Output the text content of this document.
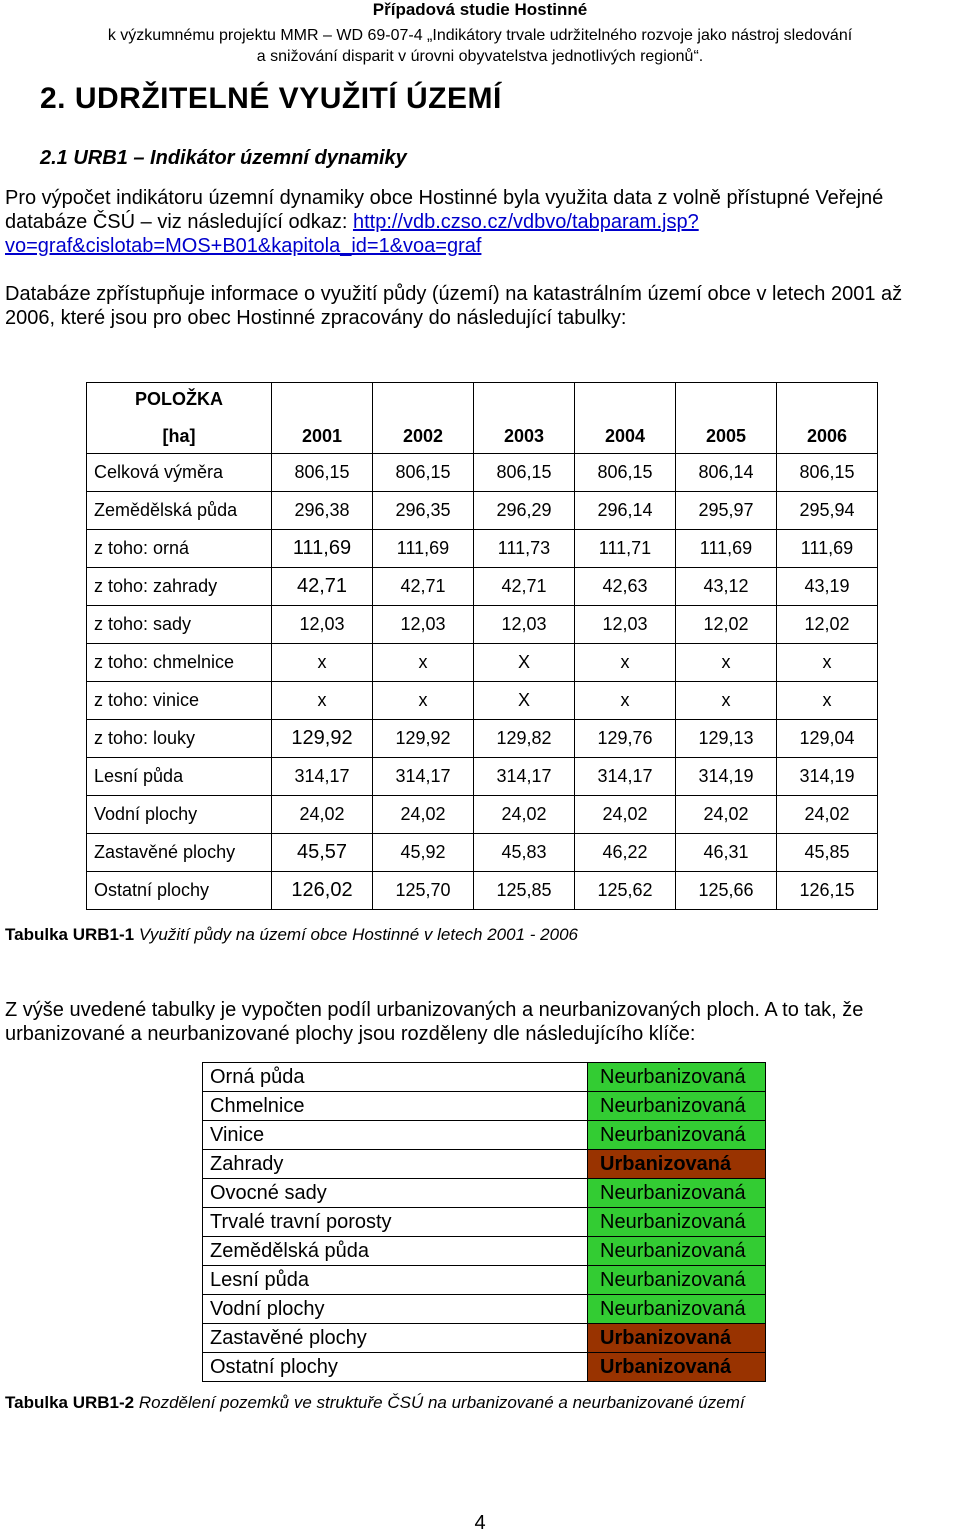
Případová studie Hostinné
k výzkumnému projektu MMR – WD 69-07-4 „Indikátory trvale udržitelného rozvoje jako nástroj sledování
a snižování disparit v úrovni obyvatelstva jednotlivých regionů“.
2. UDRŽITELNÉ VYUŽITÍ ÚZEMÍ
2.1 URB1 – Indikátor územní dynamiky
Pro výpočet indikátoru územní dynamiky obce Hostinné byla využita data z volně přístupné Veřejné databáze ČSÚ – viz následující odkaz: http://vdb.czso.cz/vdbvo/tabparam.jsp?vo=graf&cislotab=MOS+B01&kapitola_id=1&voa=graf
Databáze zpřístupňuje informace o využití půdy (území) na katastrálním území obce v letech 2001 až 2006, které jsou pro obec Hostinné zpracovány do následující tabulky:
POLOŽKA
[ha]	2001	2002	2003	2004	2005	2006
Celková výměra	806,15	806,15	806,15	806,15	806,14	806,15
Zemědělská půda	296,38	296,35	296,29	296,14	295,97	295,94
z toho: orná	111,69	111,69	111,73	111,71	111,69	111,69
z toho: zahrady	42,71	42,71	42,71	42,63	43,12	43,19
z toho: sady	12,03	12,03	12,03	12,03	12,02	12,02
z toho: chmelnice	x	x	X	x	x	x
z toho: vinice	x	x	X	x	x	x
z toho: louky	129,92	129,92	129,82	129,76	129,13	129,04
Lesní půda	314,17	314,17	314,17	314,17	314,19	314,19
Vodní plochy	24,02	24,02	24,02	24,02	24,02	24,02
Zastavěné plochy	45,57	45,92	45,83	46,22	46,31	45,85
Ostatní plochy	126,02	125,70	125,85	125,62	125,66	126,15
Tabulka URB1-1 Využití půdy na území obce Hostinné v letech 2001 - 2006
Z výše uvedené tabulky je vypočten podíl urbanizovaných a neurbanizovaných ploch. A to tak, že urbanizované a neurbanizované plochy jsou rozděleny dle následujícího klíče:
Orná půda	Neurbanizovaná
Chmelnice	Neurbanizovaná
Vinice	Neurbanizovaná
Zahrady	Urbanizovaná
Ovocné sady	Neurbanizovaná
Trvalé travní porosty	Neurbanizovaná
Zemědělská půda	Neurbanizovaná
Lesní půda	Neurbanizovaná
Vodní plochy	Neurbanizovaná
Zastavěné plochy	Urbanizovaná
Ostatní plochy	Urbanizovaná
Tabulka URB1-2 Rozdělení pozemků ve struktuře ČSÚ na urbanizované a neurbanizované území
4
